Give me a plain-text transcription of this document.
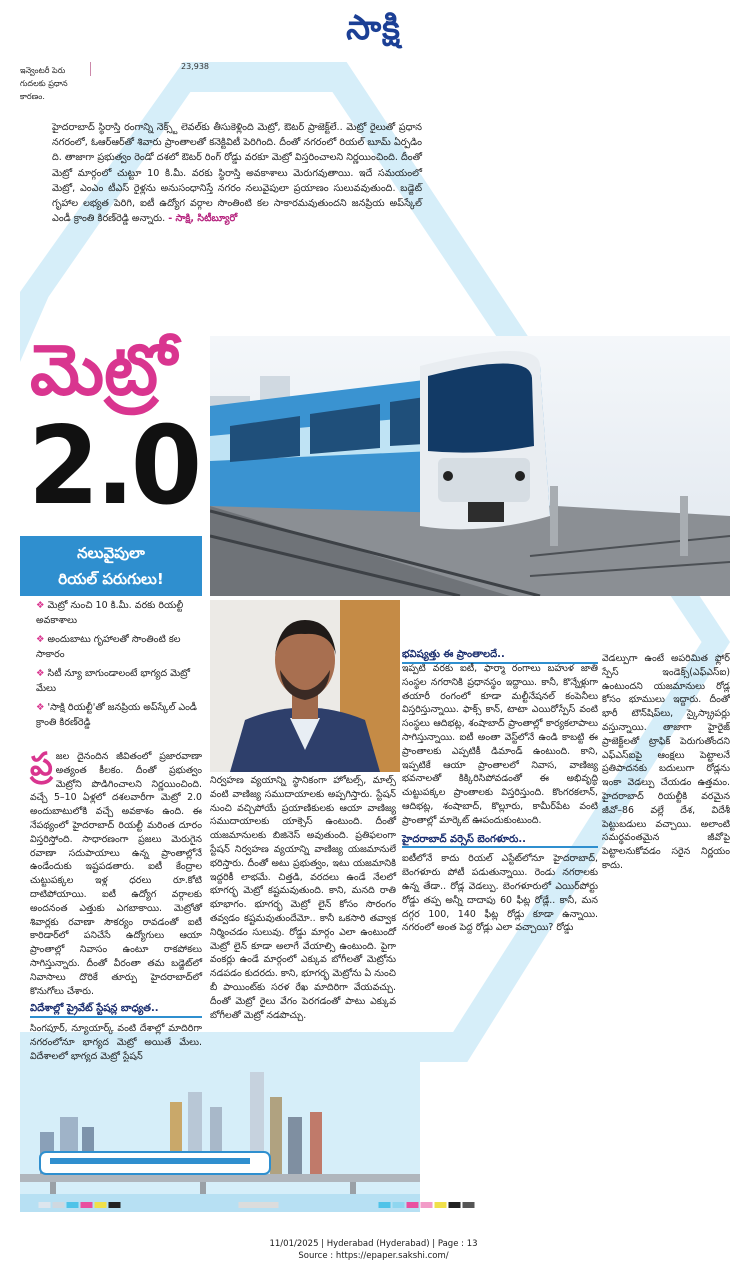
సాక్షి
ఇన్వెంటరీ పెరు గుదలకు ప్రధాన కారణం.
23,938
హైదరాబాద్ స్థిరాస్తి రంగాన్ని నెక్స్ట్ లెవల్‌కు తీసుకెళ్లింది మెట్రో, ఔటర్ ప్రాజెక్ట్‌లే.. మెట్రో రైలుతో ప్రధాన నగరంలో, ఓఆర్‌ఆర్‌తో శివారు ప్రాంతాలతో కనెక్టివిటీ పెరిగింది. దీంతో నగరంలో రియల్ బూమ్ ఏర్పడిం ది. తాజాగా ప్రభుత్వం రెండో దశలో ఔటర్ రింగ్ రోడ్డు వరకూ మెట్రో విస్తరించాలని నిర్ణయించింది. దీంతో మెట్రో మార్గంలో చుట్టూ 10 కి.మీ. వరకు స్థిరాస్తి అవకాశాలు మెరుగవుతాయి. ఇదే సమయంలో మెట్రో, ఎంఎం టీఎస్ రైళ్లను అనుసంధానిస్తే నగరం నలువైపులా ప్రయాణం సులువవుతుంది. బడ్జెట్ గృహాల లభ్యత పెరిగి, ఐటీ ఉద్యోగ వర్గాల సొంతింటి కల సాకారమవుతుందని జనప్రియ అప్‌స్కేల్ ఎండీ క్రాంతి కిరణ్‌రెడ్డి అన్నారు. - సాక్షి, సిటీబ్యూరో
మెట్రో
2.0
నలువైపులా
రియల్ పరుగులు!
❖ మెట్రో నుంచి 10 కి.మీ. వరకు రియల్టీ అవకాశాలు
❖ అందుబాటు గృహాలతో సొంతింటి కల సాకారం
❖ సిటీ న్యూ బాగుండాలంటే భాగ్యద మెట్రో మేలు
❖ 'సాక్షి రియల్టీ'తో జనప్రియ అప్‌స్కేల్ ఎండీ క్రాంతి కిరణ్‌రెడ్డి
ప్ర జల దైనందిన జీవితంలో ప్రజారవాణా అత్యంత కీలకం. దీంతో ప్రభుత్వం మెట్రోని పొడిగించాలని నిర్ణయించింది. వచ్చే 5–10 ఏళ్లలో దశలవారీగా మెట్రో 2.0 అందుబాటులోకి వచ్చే అవకాశం ఉంది. ఈ నేపథ్యంలో హైదరాబాద్ రియల్టీ మరింత దూరం విస్తరిస్తోంది. సాధారణంగా ప్రజలు మెరుగైన రవాణా సదుపాయాలు ఉన్న ప్రాంతాల్లోనే ఉండేందుకు ఇష్టపడతారు. ఐటీ కేంద్రాల చుట్టుపక్కల ఇళ్ల ధరలు రూ.కోటి దాటిపోయాయి. ఐటీ ఉద్యోగ వర్గాలకు అందనంత ఎత్తుకు ఎగబాకాయి. మెట్రోతో శివార్లకు రవాణా సౌకర్యం రావడంతో ఐటీ కారిడార్‌లో పనిచేసే ఉద్యోగులు ఆయా ప్రాంతాల్లో నివాసం ఉంటూ రాకపోకలు సాగిస్తున్నారు. దీంతో వీరంతా తమ బడ్జెట్‌లో నివాసాలు దొరికే తూర్పు హైదరాబాద్‌లో కొనుగోలు చేశారు.
విదేశాల్లో ప్రైవేట్ స్టేషన్ల బాధ్యత..
సింగపూర్, న్యూయార్క్ వంటి దేశాల్లో మాదిరిగా నగరంలోనూ భాగ్యద మెట్రో అయితే మేలు. విదేశాలలో భాగ్యద మెట్రో స్టేషన్
నిర్వహణ వ్యయాన్ని స్థానికంగా హోటల్స్, మాల్స్ వంటి వాణిజ్య సముదాయాలకు అప్పగిస్తారు. స్టేషన్ నుంచి వచ్చిపోయే ప్రయాణికులకు ఆయా వాణిజ్య సముదాయాలకు యాక్సెస్ ఉంటుంది. దీంతో యజమానులకు బిజినెస్ అవుతుంది. ప్రతిఫలంగా స్టేషన్ నిర్వహణ వ్యయాన్ని వాణిజ్య యజమానులే భరిస్తారు. దీంతో అటు ప్రభుత్వం, ఇటు యజమానికి ఇద్దరికీ లాభమే. చిత్తడి, వరదలు ఉండే నేలలో భూగర్భ మెట్రో కష్టమవుతుంది. కాని, మనది రాతి భూభాగం. భూగర్భ మెట్రో లైన్ కోసం సొరంగం తవ్వడం కష్టమవుతుందేమో.. కానీ ఒకసారి తవ్వాక నిర్మించడం సులువు. రోడ్డు మార్గం ఎలా ఉంటుందో మెట్రో లైన్ కూడా అలాగే వేయాల్సి ఉంటుంది. పైగా వంకర్లు ఉండే మార్గంలో ఎక్కువ బోగీలతో మెట్రోను నడపడం కుదరదు. కాని, భూగర్భ మెట్రోను ఏ నుంచి బీ పాయింట్‌కు సరళ రేఖ మాదిరిగా వేయవచ్చు. దీంతో మెట్రో రైలు వేగం పెరగడంతో పాటు ఎక్కువ బోగీలతో మెట్రో నడపొచ్చు.
భవిష్యత్తు ఈ ప్రాంతాలదే..
ఇప్పటి వరకు ఐటీ, ఫార్మా రంగాలు బహుళ జాతి సంస్థల నగరానికి ప్రధానస్థం ఇద్దాయి. కానీ, కొన్నేళ్లుగా తయారీ రంగంలో కూడా మల్టీనేషనల్ కంపెనీలు విస్తరిస్తున్నాయి. ఫాక్స్ కాన్, టాటా ఎయిరోస్పేస్ వంటి సంస్థలు ఆదిభట్ల, శంషాబాద్ ప్రాంతాల్లో కార్యకలాపాలు సాగిస్తున్నాయి. ఐటీ అంతా వెస్ట్‌లోనే ఉండి కాబట్టి ఈ ప్రాంతాలకు ఎప్పటికీ డిమాండ్ ఉంటుంది. కాని, ఇప్పటికే ఆయా ప్రాంతాలలో నివాస, వాణిజ్య భవనాలతో కిక్కిరిసిపోవడంతో ఈ అభివృద్ధి చుట్టుపక్కల ప్రాంతాలకు విస్తరిస్తుంది. కొంగరకలాన్, ఆదిభట్ల, శంషాబాద్, కొల్లూరు, కామీర్‌పేట వంటి ప్రాంతాల్లో మార్కెట్ ఊపందుకుంటుంది.
హైదరాబాద్ వర్సెస్ బెంగళూరు..
ఐటీలోనే కాదు రియల్ ఎస్టేట్‌లోనూ హైదరాబాద్, బెంగళూరు పోటీ పడుతున్నాయి. రెండు నగరాలకు ఉన్న తేడా.. రోడ్ల వెడల్పు. బెంగళూరులో ఎయిర్‌పోర్టు రోడ్డు తప్ప అన్నీ దాదాపు 60 ఫీట్ల రోడ్లే.. కానీ, మన దగ్గర 100, 140 ఫీట్ల రోడ్లు కూడా ఉన్నాయి. నగరంలో అంత పెద్ద రోడ్లు ఎలా వచ్చాయి? రోడ్డు
వెడల్పుగా ఉంటే అపరిమిత ఫ్లోర్ స్పేస్ ఇండెక్స్(ఎఫ్ఎస్ఐ) ఉంటుందని యజమానులు రోడ్ల కోసం భూములు ఇద్దారు. దీంతో భారీ టౌన్‌షిప్‌లు, స్కైస్క్రాపర్లు వస్తున్నాయి. తాజాగా హైరైజ్ ప్రాజెక్ట్‌లతో ట్రాఫిక్ పెరుగుతోందని ఎఫ్ఎస్ఐపై ఆంక్షలు పెట్టాలనే ప్రతిపాదనకు బదులుగా రోడ్లను ఇంకా వెడల్పు చేయడం ఉత్తమం. హైదరాబాద్ రియల్టీకి వరమైన జీవో–86 వల్లే దేశ, విదేశీ పెట్టుబడులు వచ్చాయి. అలాంటి సమర్థవంతమైన జీవోపై పెట్టాలనుకోవడం సరైన నిర్ణయం కాదు.
11/01/2025 | Hyderabad (Hyderabad) | Page : 13
Source : https://epaper.sakshi.com/
